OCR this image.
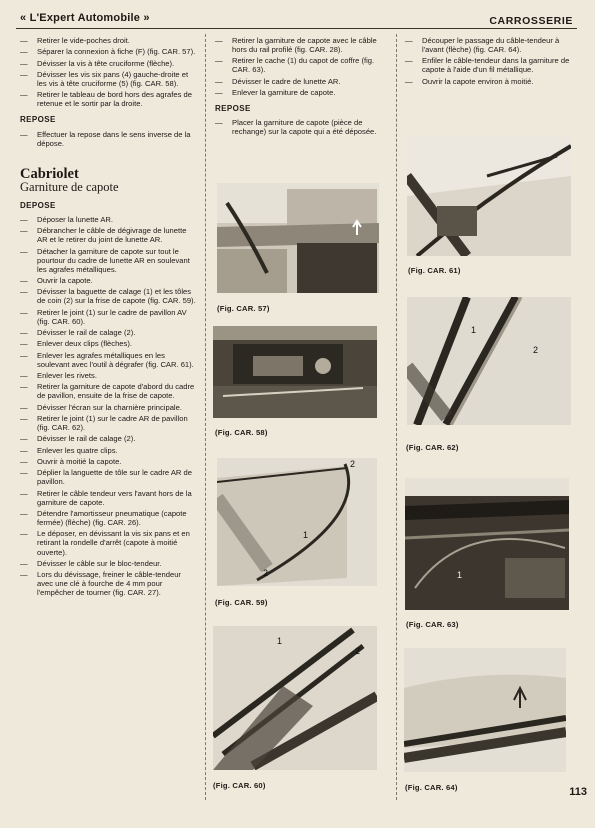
« L'Expert Automobile »	CARROSSERIE
— Retirer le vide-poches droit.
— Séparer la connexion à fiche (F) (fig. CAR. 57).
— Dévisser la vis à tête cruciforme (flèche).
— Dévisser les vis six pans (4) gauche-droite et les vis à tête cruciforme (5) (fig. CAR. 58).
— Retirer le tableau de bord hors des agrafes de retenue et le sortir par la droite.
REPOSE
— Effectuer la repose dans le sens inverse de la dépose.
Cabriolet
Garniture de capote
DEPOSE
— Déposer la lunette AR.
— Débrancher le câble de dégivrage de lunette AR et le retirer du joint de lunette AR.
— Détacher la garniture de capote sur tout le pourtour du cadre de lunette AR en soulevant les agrafes métalliques.
— Ouvrir la capote.
— Dévisser la baguette de calage (1) et les tôles de coin (2) sur la frise de capote (fig. CAR. 59).
— Retirer le joint (1) sur le cadre de pavillon AV (fig. CAR. 60).
— Dévisser le rail de calage (2).
— Enlever deux clips (flèches).
— Enlever les agrafes métalliques en les soulevant avec l'outil à dégrafer (fig. CAR. 61).
— Enlever les rivets.
— Retirer la garniture de capote d'abord du cadre de pavillon, ensuite de la frise de capote.
— Dévisser l'écran sur la charnière principale.
— Retirer le joint (1) sur le cadre AR de pavillon (fig. CAR. 62).
— Dévisser le rail de calage (2).
— Enlever les quatre clips.
— Ouvrir à moitié la capote.
— Déplier la languette de tôle sur le cadre AR de pavillon.
— Retirer le câble tendeur vers l'avant hors de la garniture de capote.
— Détendre l'amortisseur pneumatique (capote fermée) (flèche) (fig. CAR. 26).
— Le déposer, en dévissant la vis six pans et en retirant la rondelle d'arrêt (capote à moitié ouverte).
— Dévisser le câble sur le bloc-tendeur.
— Lors du dévissage, freiner le câble-tendeur avec une clé à fourche de 4 mm pour l'empêcher de tourner (fig. CAR. 27).
— Retirer la garniture de capote avec le câble hors du rail profilé (fig. CAR. 28).
— Retirer le cache (1) du capot de coffre (fig. CAR. 63).
— Dévisser le cadre de lunette AR.
— Enlever la garniture de capote.
REPOSE
— Placer la garniture de capote (pièce de rechange) sur la capote qui a été déposée.
— Découper le passage du câble-tendeur à l'avant (flèche) (fig. CAR. 64).
— Enfiler le câble-tendeur dans la garniture de capote à l'aide d'un fil métallique.
— Ouvrir la capote environ à moitié.
(Fig. CAR. 57)
(Fig. CAR. 58)
1
2
2
(Fig. CAR. 59)
1
2
(Fig. CAR. 60)
(Fig. CAR. 61)
1
2
(Fig. CAR. 62)
1
(Fig. CAR. 63)
(Fig. CAR. 64)	113
